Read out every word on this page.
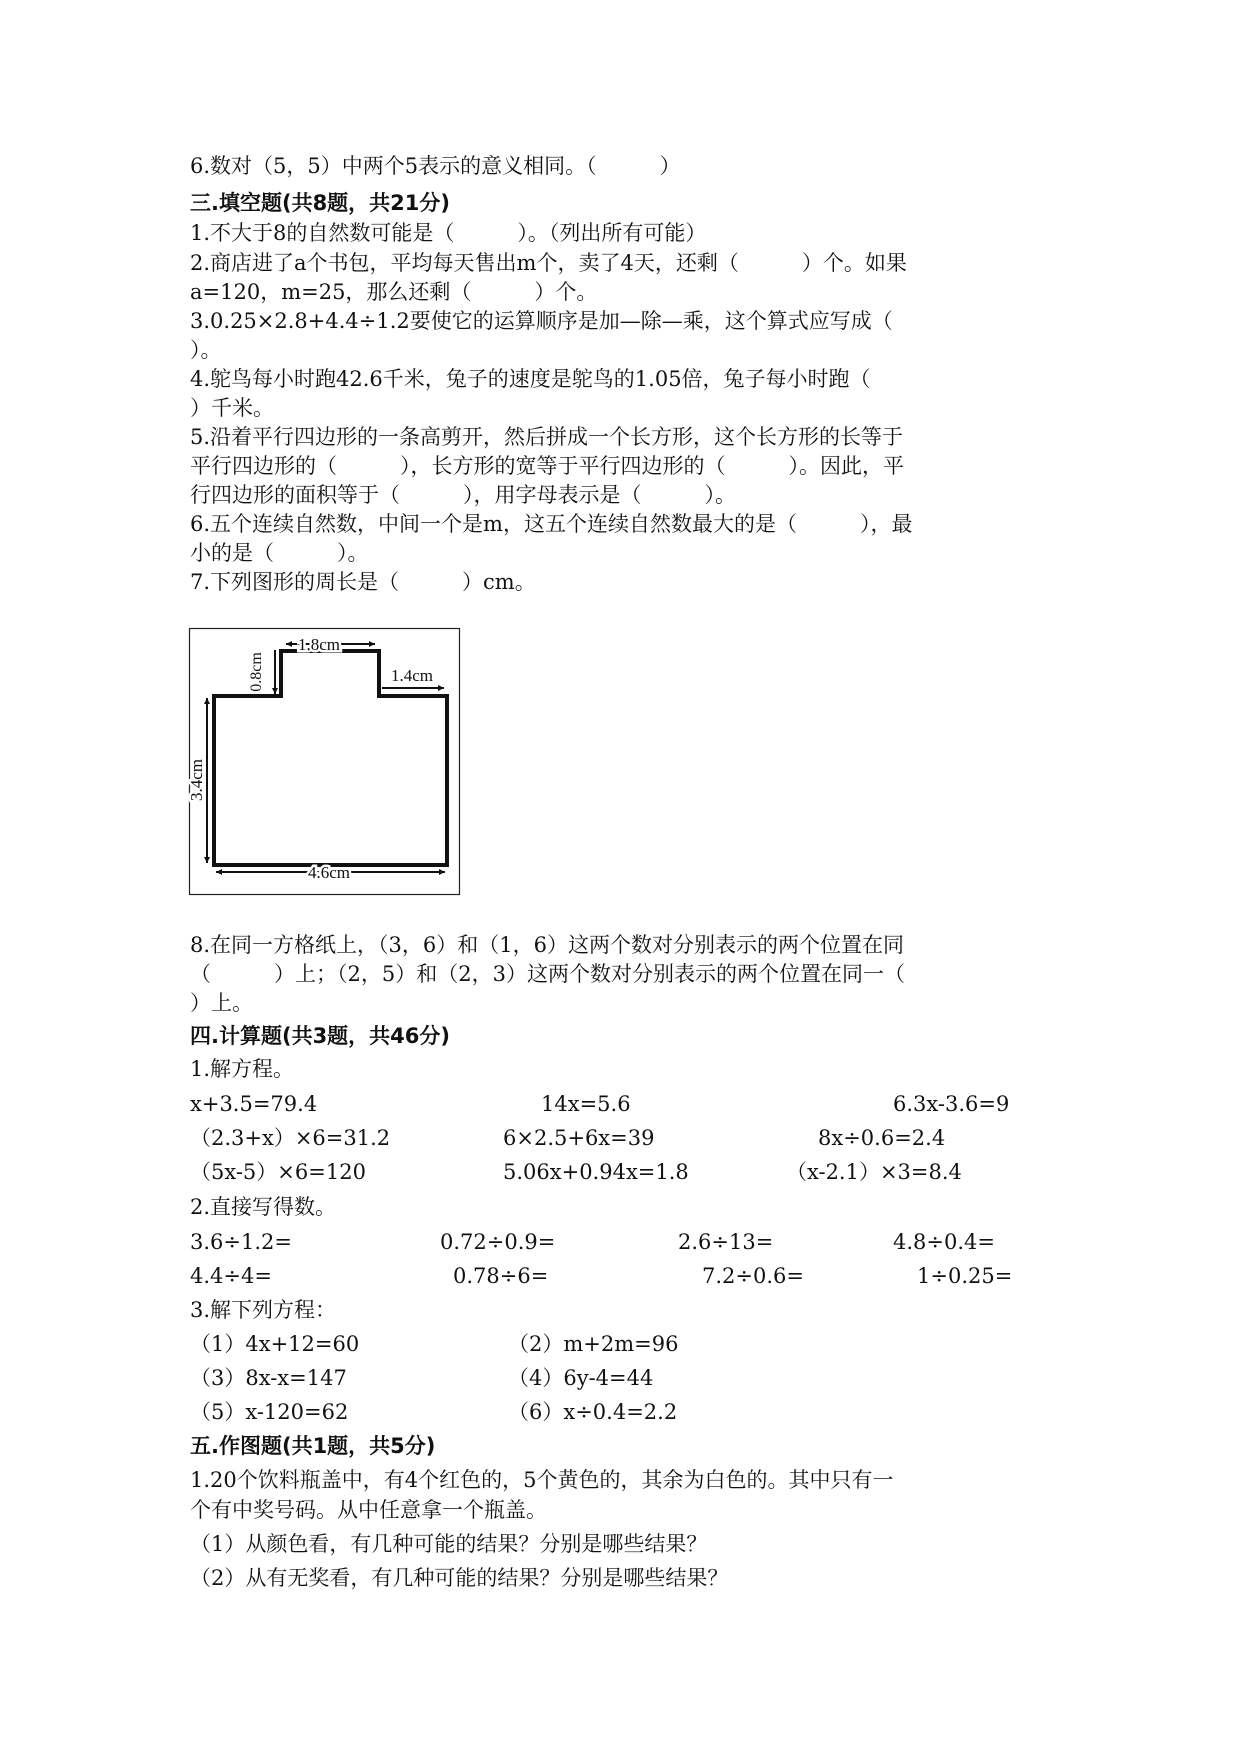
6.数对（5，5）中两个5表示的意义相同。（　　　）

三.填空题(共8题，共21分)

1.不大于8的自然数可能是（　　　）。（列出所有可能）

2.商店进了a个书包，平均每天售出m个，卖了4天，还剩（　　　）个。如果

a=120，m=25，那么还剩（　　　）个。

3.0.25×2.8+4.4÷1.2要使它的运算顺序是加—除—乘，这个算式应写成（

）。

4.鸵鸟每小时跑42.6千米，兔子的速度是鸵鸟的1.05倍，兔子每小时跑（

）千米。

5.沿着平行四边形的一条高剪开，然后拼成一个长方形，这个长方形的长等于

平行四边形的（　　　），长方形的宽等于平行四边形的（　　　）。因此，平

行四边形的面积等于（　　　），用字母表示是（　　　）。

6.五个连续自然数，中间一个是m，这五个连续自然数最大的是（　　　），最

小的是（　　　）。

7.下列图形的周长是（　　　）cm。

1.8cm
0.8cm	1.4cm
3.4cm
4.6cm

8.在同一方格纸上，（3，6）和（1，6）这两个数对分别表示的两个位置在同

（　　　）上；（2，5）和（2，3）这两个数对分别表示的两个位置在同一（

）上。

四.计算题(共3题，共46分)

1.解方程。

x+3.5=79.4	14x=5.6	6.3x-3.6=9
（2.3+x）×6=31.2	6×2.5+6x=39	8x÷0.6=2.4
（5x-5）×6=120	5.06x+0.94x=1.8	（x-2.1）×3=8.4

2.直接写得数。

3.6÷1.2=	0.72÷0.9=	2.6÷13=	4.8÷0.4=
4.4÷4=	0.78÷6=	7.2÷0.6=	1÷0.25=

3.解下列方程：

（1）4x+12=60	（2）m+2m=96
（3）8x-x=147	（4）6y-4=44
（5）x-120=62	（6）x÷0.4=2.2

五.作图题(共1题，共5分)

1.20个饮料瓶盖中，有4个红色的，5个黄色的，其余为白色的。其中只有一

个有中奖号码。从中任意拿一个瓶盖。

（1）从颜色看，有几种可能的结果？分别是哪些结果？

（2）从有无奖看，有几种可能的结果？分别是哪些结果？
